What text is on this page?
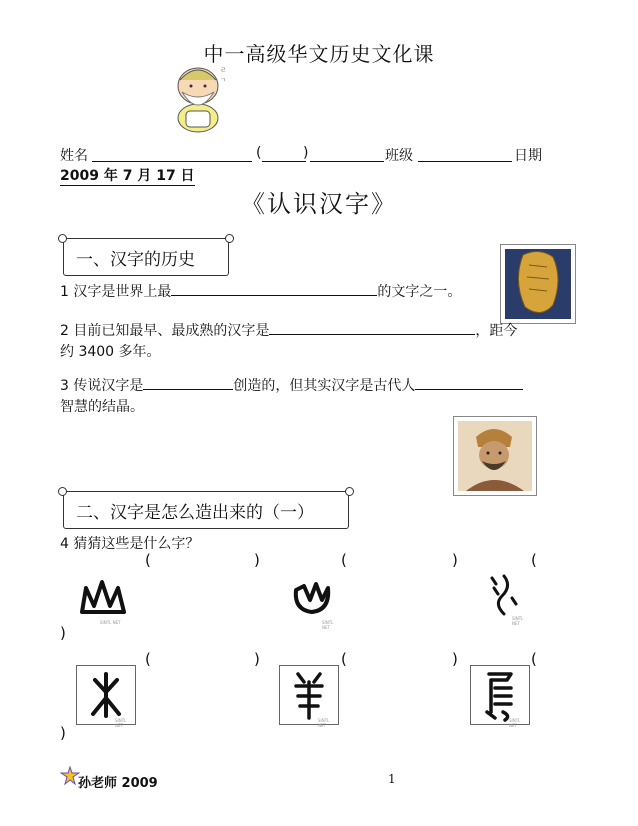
中一高级华文历史文化课
ㄹ
ㄱ
姓名	(	)	班级	日期
2009 年 7 月 17 日
《认识汉字》
一、汉字的历史
1 汉字是世界上最	的文字之一。
2 目前已知最早、最成熟的汉字是	，距今
约 3400 多年。
3 传说汉字是	创造的，但其实汉字是古代人
智慧的结晶。
二、汉字是怎么造出来的（一）
4 猜猜这些是什么字？
(	)	(	)	(
)
SINTL NET	SINTL NET
SINTL NET
(	)	(	)	(
)
SINTL NET
SINTL NET
SINTL NET
孙老师 2009	1
